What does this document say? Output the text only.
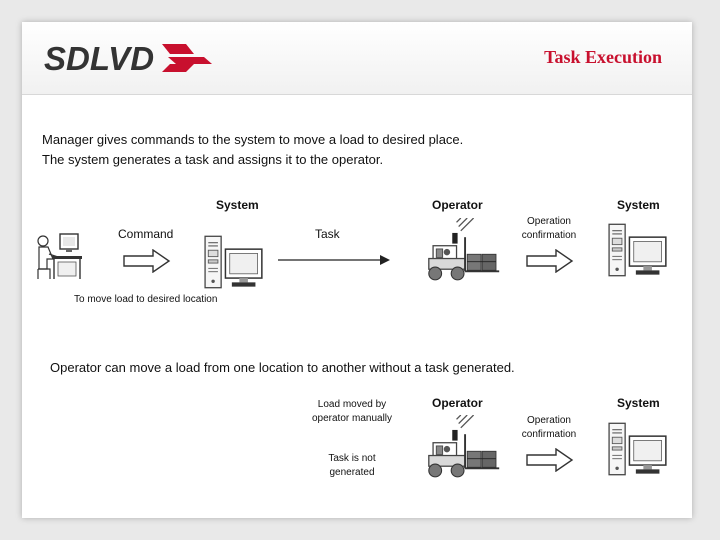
SDLVD	Task Execution
Manager gives commands to the system to move a load to desired place.
The system generates a task and assigns it to the operator.
System	Operator	System
Command	Task
Operation
confirmation
To move load to desired location
Operator can move a load from one location to another without a task generated.
Load moved by
operator manually
Operator	System
Operation
confirmation
Task is not
generated
